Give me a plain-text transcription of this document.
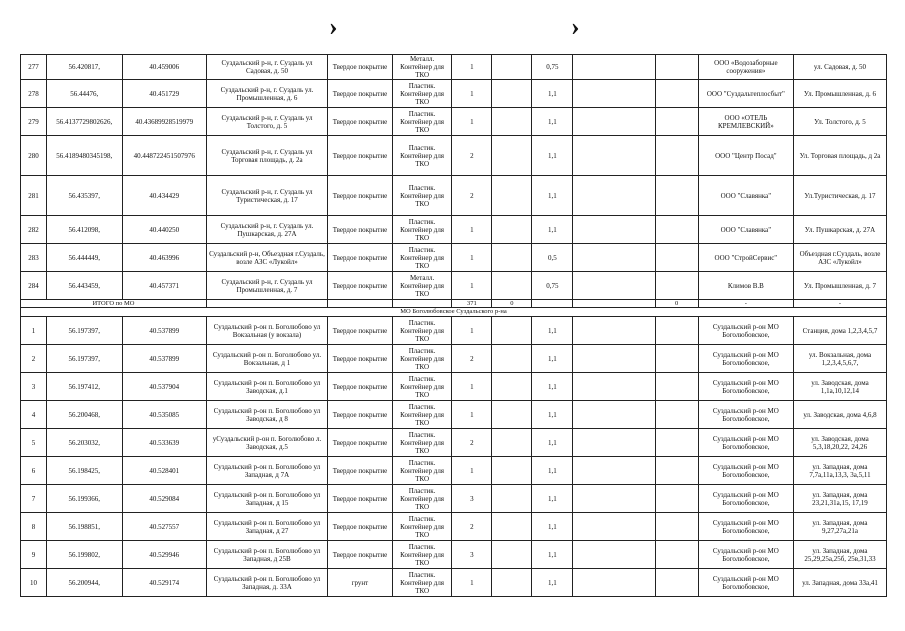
›	›
277	56.420817,	40.459006	Суздальский р-н, г. Суздаль ул Садовая, д. 50	Твердое покрытие	Металл. Контейнер для ТКО	1		0,75			ООО «Водозаборные сооружения»	ул. Садовая, д. 50
278	56.44476,	40.451729	Суздальский р-н, г. Суздаль ул. Промышленная, д. 6	Твердое покрытие	Пластик. Контейнер для ТКО	1		1,1			ООО "Суздальтеплосбыт"	Ул. Промышленная, д. 6
279	56.4137729802626,	40.43689928519979	Суздальский р-н, г. Суздаль ул Толстого, д. 5	Твердое покрытие	Пластик. Контейнер для ТКО	1		1,1			ООО «ОТЕЛЬ КРЕМЛЕВСКИЙ»	Ул. Толстого, д. 5
280	56.4189480345198,	40.448722451507976	Суздальский р-н, г. Суздаль ул Торговая площадь, д. 2а	Твердое покрытие	Пластик. Контейнер для ТКО	2		1,1			ООО "Центр Посад"	Ул. Торговая площадь, д 2а
281	56.435397,	40.434429	Суздальский р-н, г. Суздаль ул Туристическая, д. 17	Твердое покрытие	Пластик. Контейнер для ТКО	2		1,1			ООО "Славянка"	Ул.Туристическая, д. 17
282	56.412098,	40.440250	Суздальский р-н, г. Суздаль ул. Пушкарская, д. 27А	Твердое покрытие	Пластик. Контейнер для ТКО	1		1,1			ООО "Славянка"	Ул. Пушкарская, д. 27А
283	56.444449,	40.463996	Суздальский р-н, Объездная г.Суздаль, возле АЗС «Лукойл»	Твердое покрытие	Пластик. Контейнер для ТКО	1		0,5			ООО "СтройСервис"	Объездная г.Суздаль, возле АЗС «Лукойл»
284	56.443459,	40.457371	Суздальский р-н, г. Суздаль ул Промышленная, д. 7	Твердое покрытие	Металл. Контейнер для ТКО	1		0,75			Климов В.В	Ул. Промышленная, д. 7
ИТОГО по МО						371	0			0	-	-
МО Боголюбовское Суздальского р-на												
1	56.197397,	40.537899	Суздальский р-он п. Боголюбово ул Вокзальная (у вокзала)	Твердое покрытие	Пластик. Контейнер для ТКО	1		1,1			Суздальский р-он МО Боголюбовское,	Станция, дома 1,2,3,4,5,7
2	56.197397,	40.537899	Суздальский р-он п. Боголюбово ул. Вокзальная, д 1	Твердое покрытие	Пластик. Контейнер для ТКО	2		1,1			Суздальский р-он МО Боголюбовское,	ул. Вокзальная, дома 1,2,3,4,5,6,7,
3	56.197412,	40.537904	Суздальский р-он п. Боголюбово ул Заводская, д.1	Твердое покрытие	Пластик. Контейнер для ТКО	1		1,1			Суздальский р-он МО Боголюбовское,	ул. Заводская, дома 1,1а,10,12,14
4	56.200468,	40.535085	Суздальский р-он п. Боголюбово ул Заводская, д 8	Твердое покрытие	Пластик. Контейнер для ТКО	1		1,1			Суздальский р-он МО Боголюбовское,	ул. Заводская, дома 4,6,8
5	56.203032,	40.533639	уСуздальский р-он п. Боголюбово л. Заводская, д.5	Твердое покрытие	Пластик. Контейнер для ТКО	2		1,1			Суздальский р-он МО Боголюбовское,	ул. Заводская, дома 5,3,18,20,22, 24,26
6	56.198425,	40.528401	Суздальский р-он п. Боголюбово ул Западная, д 7А	Твердое покрытие	Пластик. Контейнер для ТКО	1		1,1			Суздальский р-он МО Боголюбовское,	ул. Западная, дома 7,7а,11а,13,3, 3а,5,11
7	56.199366,	40.529084	Суздальский р-он п. Боголюбово ул Западная, д 15	Твердое покрытие	Пластик. Контейнер для ТКО	3		1,1			Суздальский р-он МО Боголюбовское,	ул. Западная, дома 23,21,31а,15, 17,19
8	56.198851,	40.527557	Суздальский р-он п. Боголюбово ул Западная, д 27	Твердое покрытие	Пластик. Контейнер для ТКО	2		1,1			Суздальский р-он МО Боголюбовское,	ул. Западная, дома 9,27,27а,21а
9	56.199802,	40.529946	Суздальский р-он п. Боголюбово ул Западная, д 25В	Твердое покрытие	Пластик. Контейнер для ТКО	3		1,1			Суздальский р-он МО Боголюбовское,	ул. Западная, дома 25,29,25а,25б, 25в,31,33
10	56.200944,	40.529174	Суздальский р-он п. Боголюбово ул Западная, д. 33А	грунт	Пластик. Контейнер для ТКО	1		1,1			Суздальский р-он МО Боголюбовское,	ул. Западная, дома 33а,41
